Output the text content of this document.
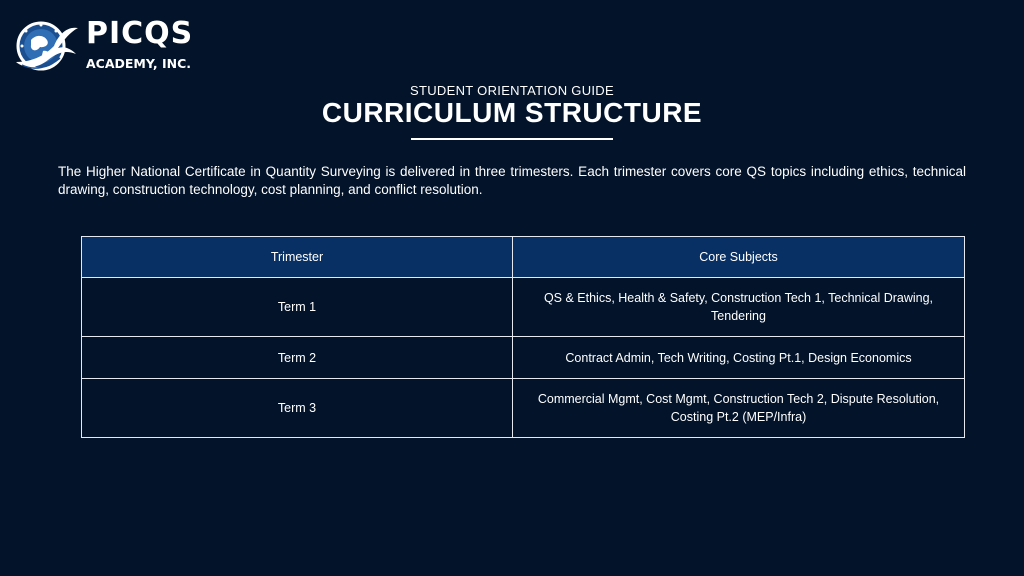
PICQS
ACADEMY, INC.
STUDENT ORIENTATION GUIDE
CURRICULUM STRUCTURE

The Higher National Certificate in Quantity Surveying is delivered in three trimesters. Each trimester covers core QS topics including ethics, technical drawing, construction technology, cost planning, and conflict resolution.

Trimester	Core Subjects
Term 1	QS & Ethics, Health & Safety, Construction Tech 1, Technical Drawing, Tendering
Term 2	Contract Admin, Tech Writing, Costing Pt.1, Design Economics
Term 3	Commercial Mgmt, Cost Mgmt, Construction Tech 2, Dispute Resolution, Costing Pt.2 (MEP/Infra)
